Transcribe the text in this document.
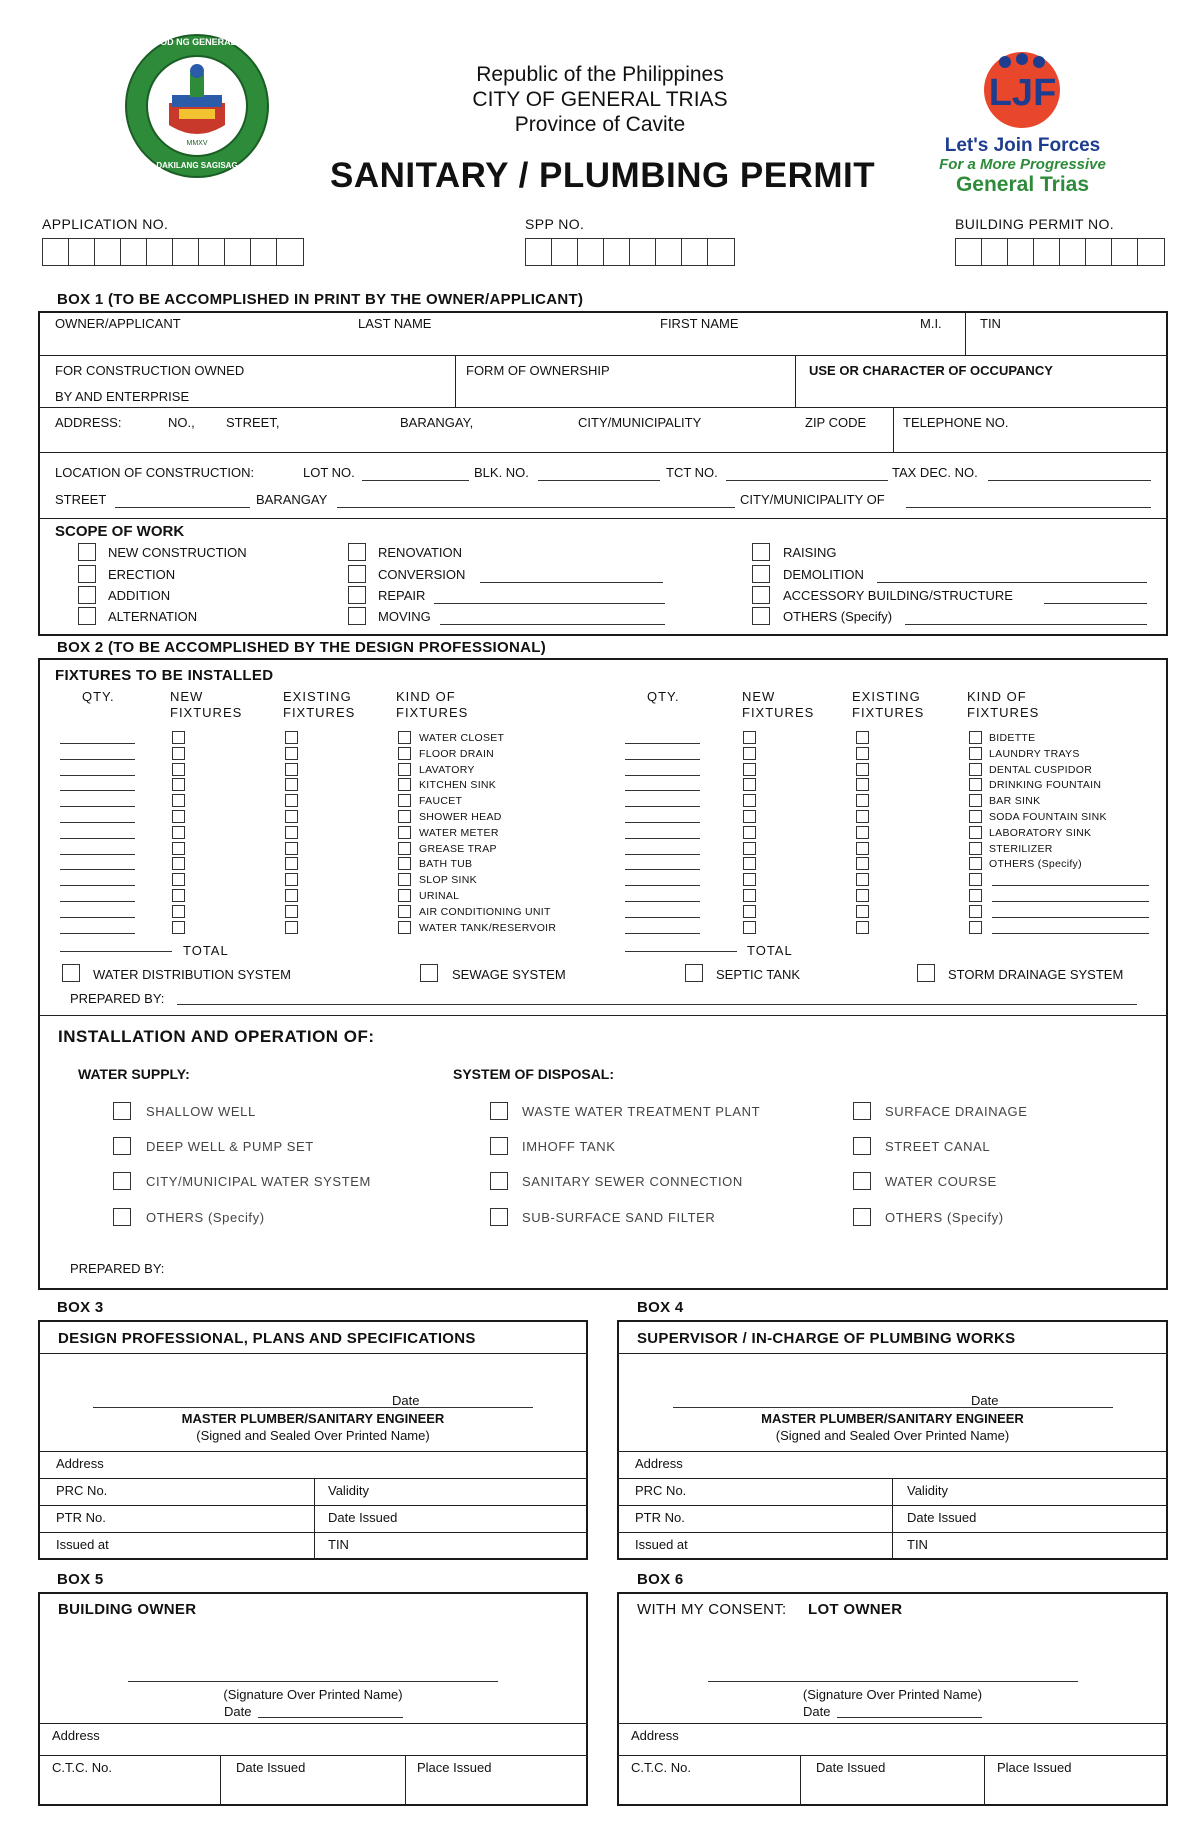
MMXV
LUNGSOD NG GENERAL TRIAS
DAKILANG SAGISAG
Republic of the Philippines
CITY OF GENERAL TRIAS
Province of Cavite
SANITARY / PLUMBING PERMIT
LJF
Let's Join Forces
For a More Progressive
General Trias
APPLICATION NO.	SPP NO.	BUILDING PERMIT NO.
BOX 1 (TO BE ACCOMPLISHED IN PRINT BY THE OWNER/APPLICANT)
OWNER/APPLICANT	LAST NAME	FIRST NAME	M.I.	TIN
FOR CONSTRUCTION OWNED
BY AND ENTERPRISE
FORM OF OWNERSHIP	USE OR CHARACTER OF OCCUPANCY
ADDRESS:	NO., STREET,	BARANGAY,	CITY/MUNICIPALITY	ZIP CODE	TELEPHONE NO.
LOCATION OF CONSTRUCTION:	LOT NO.	BLK. NO.	TCT NO.	TAX DEC. NO.
STREET	BARANGAY	CITY/MUNICIPALITY OF
SCOPE OF WORK
NEW CONSTRUCTION
ERECTION
ADDITION
ALTERNATION
RENOVATION
CONVERSION
REPAIR
MOVING
RAISING
DEMOLITION
ACCESSORY BUILDING/STRUCTURE
OTHERS (Specify)
BOX 2 (TO BE ACCOMPLISHED BY THE DESIGN PROFESSIONAL)
FIXTURES TO BE INSTALLED
QTY.	NEW
FIXTURES
EXISTING
FIXTURES
KIND OF
FIXTURES
QTY.	NEW
FIXTURES
EXISTING
FIXTURES
KIND OF
FIXTURES
WATER CLOSET
FLOOR DRAIN
LAVATORY
KITCHEN SINK
FAUCET
SHOWER HEAD
WATER METER
GREASE TRAP
BATH TUB
SLOP SINK
URINAL
AIR CONDITIONING UNIT
WATER TANK/RESERVOIR
BIDETTE
LAUNDRY TRAYS
DENTAL CUSPIDOR
DRINKING FOUNTAIN
BAR SINK
SODA FOUNTAIN SINK
LABORATORY SINK
STERILIZER
OTHERS (Specify)
TOTAL	TOTAL
WATER DISTRIBUTION SYSTEM	SEWAGE SYSTEM	SEPTIC TANK	STORM DRAINAGE SYSTEM
PREPARED BY:
INSTALLATION AND OPERATION OF:
WATER SUPPLY:	SYSTEM OF DISPOSAL:
SHALLOW WELL
DEEP WELL & PUMP SET
CITY/MUNICIPAL WATER SYSTEM
OTHERS (Specify)
WASTE WATER TREATMENT PLANT
IMHOFF TANK
SANITARY SEWER CONNECTION
SUB-SURFACE SAND FILTER
SURFACE DRAINAGE
STREET CANAL
WATER COURSE
OTHERS (Specify)
PREPARED BY:
BOX 3
DESIGN PROFESSIONAL, PLANS AND SPECIFICATIONS
Date
MASTER PLUMBER/SANITARY ENGINEER
(Signed and Sealed Over Printed Name)
Address
PRC No.	Validity
PTR No.	Date Issued
Issued at	TIN
BOX 4
SUPERVISOR / IN-CHARGE OF PLUMBING WORKS
Date
MASTER PLUMBER/SANITARY ENGINEER
(Signed and Sealed Over Printed Name)
Address
PRC No.	Validity
PTR No.	Date Issued
Issued at	TIN
BOX 5
BUILDING OWNER
(Signature Over Printed Name)
Date
Address
C.T.C. No.	Date Issued	Place Issued
BOX 6
WITH MY CONSENT: LOT OWNER
(Signature Over Printed Name)
Date
Address
C.T.C. No.	Date Issued	Place Issued
